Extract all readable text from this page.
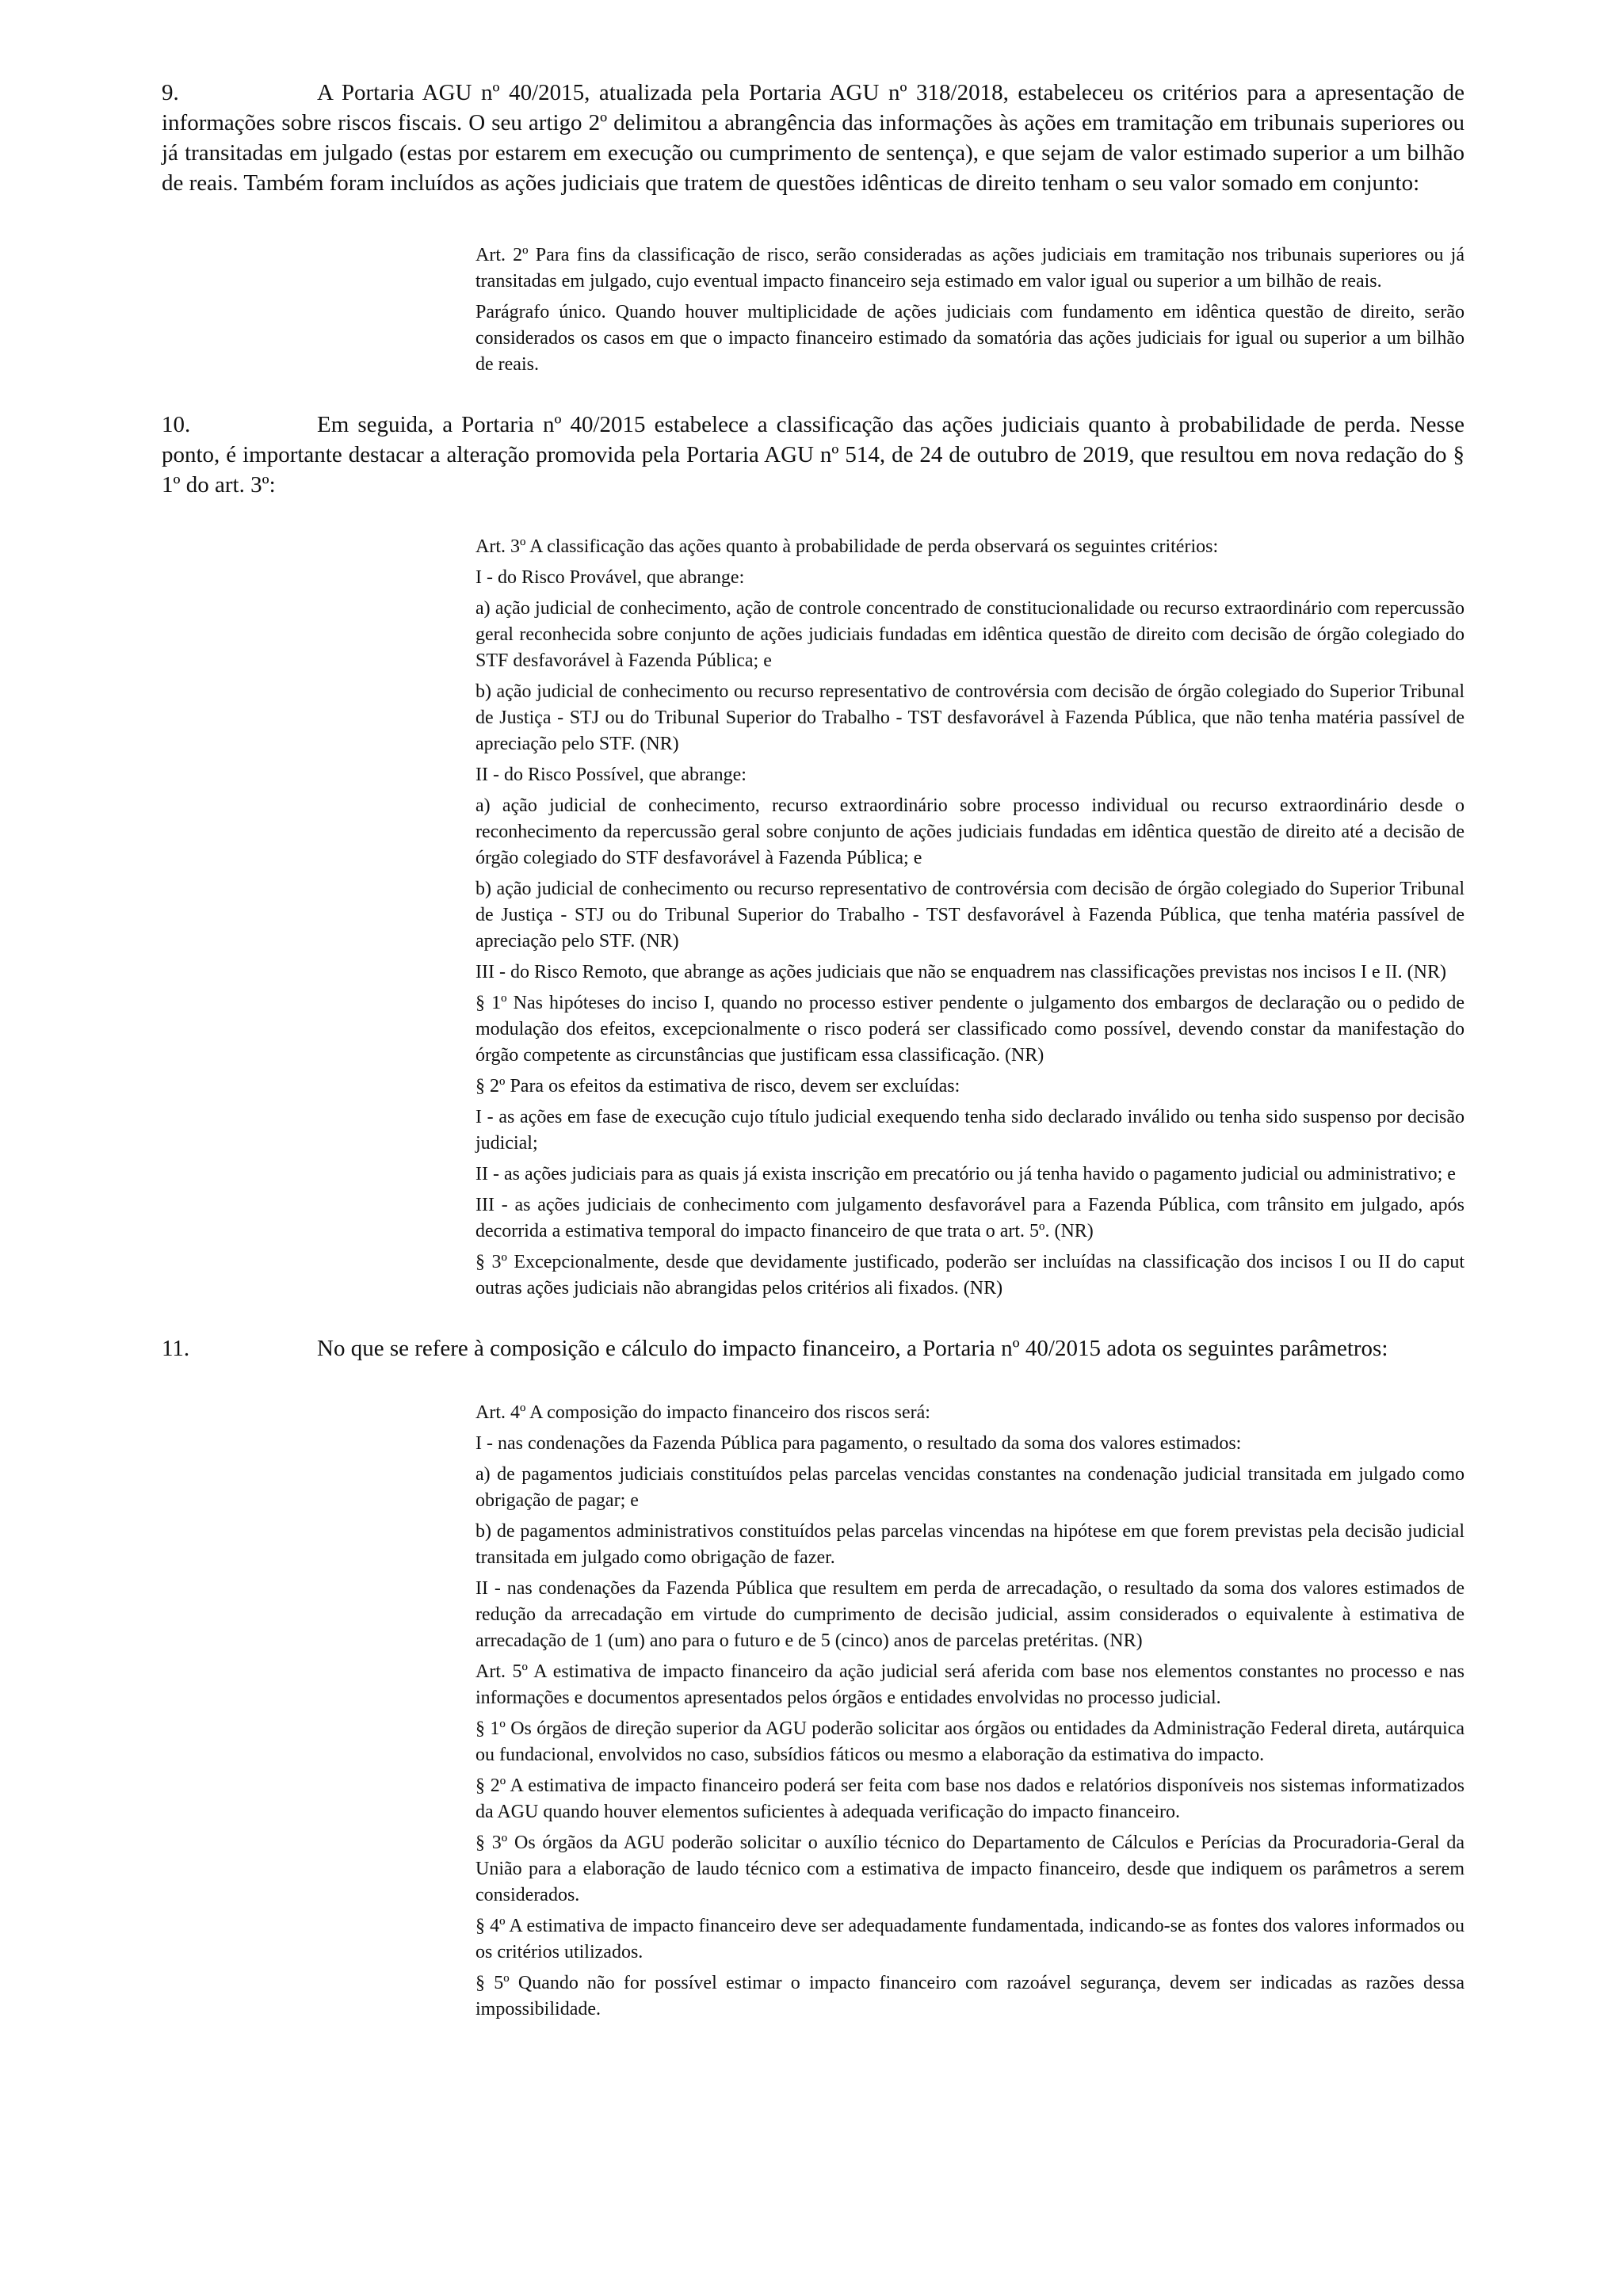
9.	A Portaria AGU nº 40/2015, atualizada pela Portaria AGU nº 318/2018, estabeleceu os critérios para a apresentação de informações sobre riscos fiscais. O seu artigo 2º delimitou a abrangência das informações às ações em tramitação em tribunais superiores ou já transitadas em julgado (estas por estarem em execução ou cumprimento de sentença), e que sejam de valor estimado superior a um bilhão de reais. Também foram incluídos as ações judiciais que tratem de questões idênticas de direito tenham o seu valor somado em conjunto:

Art. 2º Para fins da classificação de risco, serão consideradas as ações judiciais em tramitação nos tribunais superiores ou já transitadas em julgado, cujo eventual impacto financeiro seja estimado em valor igual ou superior a um bilhão de reais.

Parágrafo único. Quando houver multiplicidade de ações judiciais com fundamento em idêntica questão de direito, serão considerados os casos em que o impacto financeiro estimado da somatória das ações judiciais for igual ou superior a um bilhão de reais.

10.	Em seguida, a Portaria nº 40/2015 estabelece a classificação das ações judiciais quanto à probabilidade de perda. Nesse ponto, é importante destacar a alteração promovida pela Portaria AGU nº 514, de 24 de outubro de 2019, que resultou em nova redação do § 1º do art. 3º:

Art. 3º A classificação das ações quanto à probabilidade de perda observará os seguintes critérios:

I - do Risco Provável, que abrange:

a) ação judicial de conhecimento, ação de controle concentrado de constitucionalidade ou recurso extraordinário com repercussão geral reconhecida sobre conjunto de ações judiciais fundadas em idêntica questão de direito com decisão de órgão colegiado do STF desfavorável à Fazenda Pública; e

b) ação judicial de conhecimento ou recurso representativo de controvérsia com decisão de órgão colegiado do Superior Tribunal de Justiça - STJ ou do Tribunal Superior do Trabalho - TST desfavorável à Fazenda Pública, que não tenha matéria passível de apreciação pelo STF. (NR)

II - do Risco Possível, que abrange:

a) ação judicial de conhecimento, recurso extraordinário sobre processo individual ou recurso extraordinário desde o reconhecimento da repercussão geral sobre conjunto de ações judiciais fundadas em idêntica questão de direito até a decisão de órgão colegiado do STF desfavorável à Fazenda Pública; e

b) ação judicial de conhecimento ou recurso representativo de controvérsia com decisão de órgão colegiado do Superior Tribunal de Justiça - STJ ou do Tribunal Superior do Trabalho - TST desfavorável à Fazenda Pública, que tenha matéria passível de apreciação pelo STF. (NR)

III - do Risco Remoto, que abrange as ações judiciais que não se enquadrem nas classificações previstas nos incisos I e II. (NR)

§ 1º Nas hipóteses do inciso I, quando no processo estiver pendente o julgamento dos embargos de declaração ou o pedido de modulação dos efeitos, excepcionalmente o risco poderá ser classificado como possível, devendo constar da manifestação do órgão competente as circunstâncias que justificam essa classificação. (NR)

§ 2º Para os efeitos da estimativa de risco, devem ser excluídas:

I - as ações em fase de execução cujo título judicial exequendo tenha sido declarado inválido ou tenha sido suspenso por decisão judicial;

II - as ações judiciais para as quais já exista inscrição em precatório ou já tenha havido o pagamento judicial ou administrativo; e

III - as ações judiciais de conhecimento com julgamento desfavorável para a Fazenda Pública, com trânsito em julgado, após decorrida a estimativa temporal do impacto financeiro de que trata o art. 5º. (NR)

§ 3º Excepcionalmente, desde que devidamente justificado, poderão ser incluídas na classificação dos incisos I ou II do caput outras ações judiciais não abrangidas pelos critérios ali fixados. (NR)

11.	No que se refere à composição e cálculo do impacto financeiro, a Portaria nº 40/2015 adota os seguintes parâmetros:

Art. 4º A composição do impacto financeiro dos riscos será:

I - nas condenações da Fazenda Pública para pagamento, o resultado da soma dos valores estimados:

a) de pagamentos judiciais constituídos pelas parcelas vencidas constantes na condenação judicial transitada em julgado como obrigação de pagar; e

b) de pagamentos administrativos constituídos pelas parcelas vincendas na hipótese em que forem previstas pela decisão judicial transitada em julgado como obrigação de fazer.

II - nas condenações da Fazenda Pública que resultem em perda de arrecadação, o resultado da soma dos valores estimados de redução da arrecadação em virtude do cumprimento de decisão judicial, assim considerados o equivalente à estimativa de arrecadação de 1 (um) ano para o futuro e de 5 (cinco) anos de parcelas pretéritas. (NR)

Art. 5º A estimativa de impacto financeiro da ação judicial será aferida com base nos elementos constantes no processo e nas informações e documentos apresentados pelos órgãos e entidades envolvidas no processo judicial.

§ 1º Os órgãos de direção superior da AGU poderão solicitar aos órgãos ou entidades da Administração Federal direta, autárquica ou fundacional, envolvidos no caso, subsídios fáticos ou mesmo a elaboração da estimativa do impacto.

§ 2º A estimativa de impacto financeiro poderá ser feita com base nos dados e relatórios disponíveis nos sistemas informatizados da AGU quando houver elementos suficientes à adequada verificação do impacto financeiro.

§ 3º Os órgãos da AGU poderão solicitar o auxílio técnico do Departamento de Cálculos e Perícias da Procuradoria-Geral da União para a elaboração de laudo técnico com a estimativa de impacto financeiro, desde que indiquem os parâmetros a serem considerados.

§ 4º A estimativa de impacto financeiro deve ser adequadamente fundamentada, indicando-se as fontes dos valores informados ou os critérios utilizados.

§ 5º Quando não for possível estimar o impacto financeiro com razoável segurança, devem ser indicadas as razões dessa impossibilidade.
